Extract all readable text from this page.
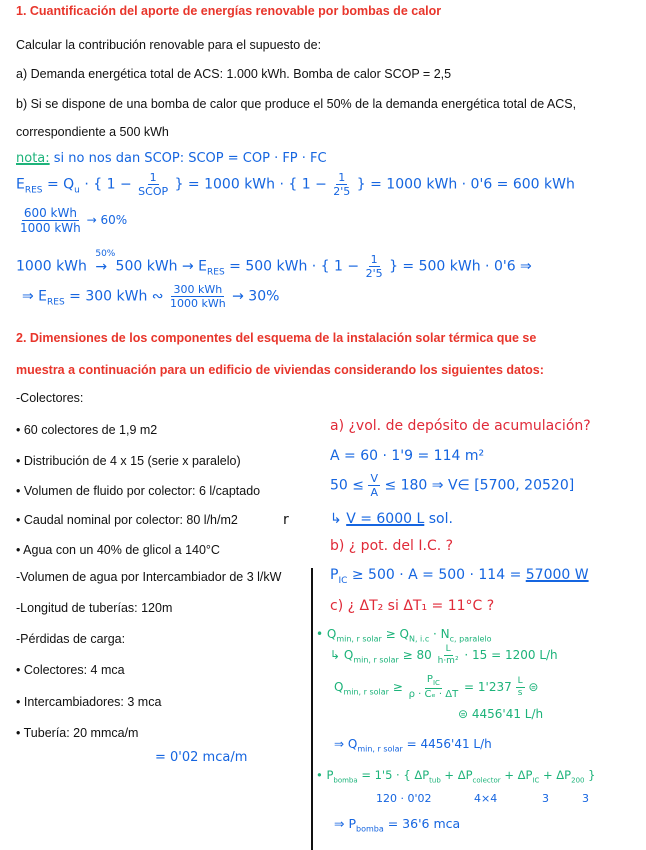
1. Cuantificación del aporte de energías renovable por bombas de calor
Calcular la contribución renovable para el supuesto de:
a) Demanda energética total de ACS: 1.000 kWh. Bomba de calor SCOP = 2,5
b) Si se dispone de una bomba de calor que produce el 50% de la demanda energética total de ACS,
correspondiente a 500 kWh
nota: si no nos dan SCOP: SCOP = COP · FP · FC
$E_{RES} = Q_u$ · { $1 - \frac{1}{\text{SCOP}}$ } = 1000 kWh · { $1 - \frac{1}{2'5}$ } = 1000 kWh · 0'6 = 600 kWh
$\frac{\text{600 kWh}}{\text{1000 kWh}} \to 60\%$
1000 kWh
50%
→ 500 kWh → $E_{RES} = 500$ kWh · { $1 - \frac{1}{2'5}$ } = 500 kWh · 0'6 ⇒
⇒ $E_{RES} = 300$ kWh ∾ $\frac{\text{300 kWh}}{\text{1000 kWh}} \to 30\%$
2. Dimensiones de los componentes del esquema de la instalación solar térmica que se
muestra a continuación para un edificio de viviendas considerando los siguientes datos:
-Colectores:
• 60 colectores de 1,9 m2
• Distribución de 4 x 15 (serie x paralelo)
• Volumen de fluido por colector: 6 l/captado
• Caudal nominal por colector: 80 l/h/m2
• Agua con un 40% de glicol a 140°C
-Volumen de agua por Intercambiador de 3 l/kW
-Longitud de tuberías: 120m
-Pérdidas de carga:
• Colectores: 4 mca
• Intercambiadores: 3 mca
• Tubería: 20 mmca/m
r
= 0'02 mca/m
a) ¿vol. de depósito de acumulación?
A = 60 · 1'9 = 114 m²
$50 \le \frac{V}{A} \le 180$ ⇒ V∈ [5700, 20520]
↳ V = 6000 L sol.
b) ¿ pot. del I.C. ?
$P_{IC} \ge 500 \cdot A = 500 \cdot 114 = 57000$ W
c) ¿ ΔT₂ si ΔT₁ = 11°C ?
• $Q_{min, r solar} \ge Q_{N, i.c} \cdot N_{c, paralelo}$
↳ $Q_{min, r solar} \ge 80 \frac{L}{\text{h·m²}} \cdot 15 = 1200$ L/h
$Q_{min, r solar} \ge \frac{P_{IC}}{\text{ρ · Cₑ · ΔT}} = 1'237 \frac{L}{s}$ ⊜
⊜ 4456'41 L/h
⇒ $Q_{min, r solar} = 4456'41$ L/h
• $P_{bomba} = 1'5$ · { $\Delta P_{tub} + \Delta P_{colector} + \Delta P_{IC} + \Delta P_{200}$ }
120 · 0'02	4×4	3	3
⇒ $P_{bomba} = 36'6$ mca
